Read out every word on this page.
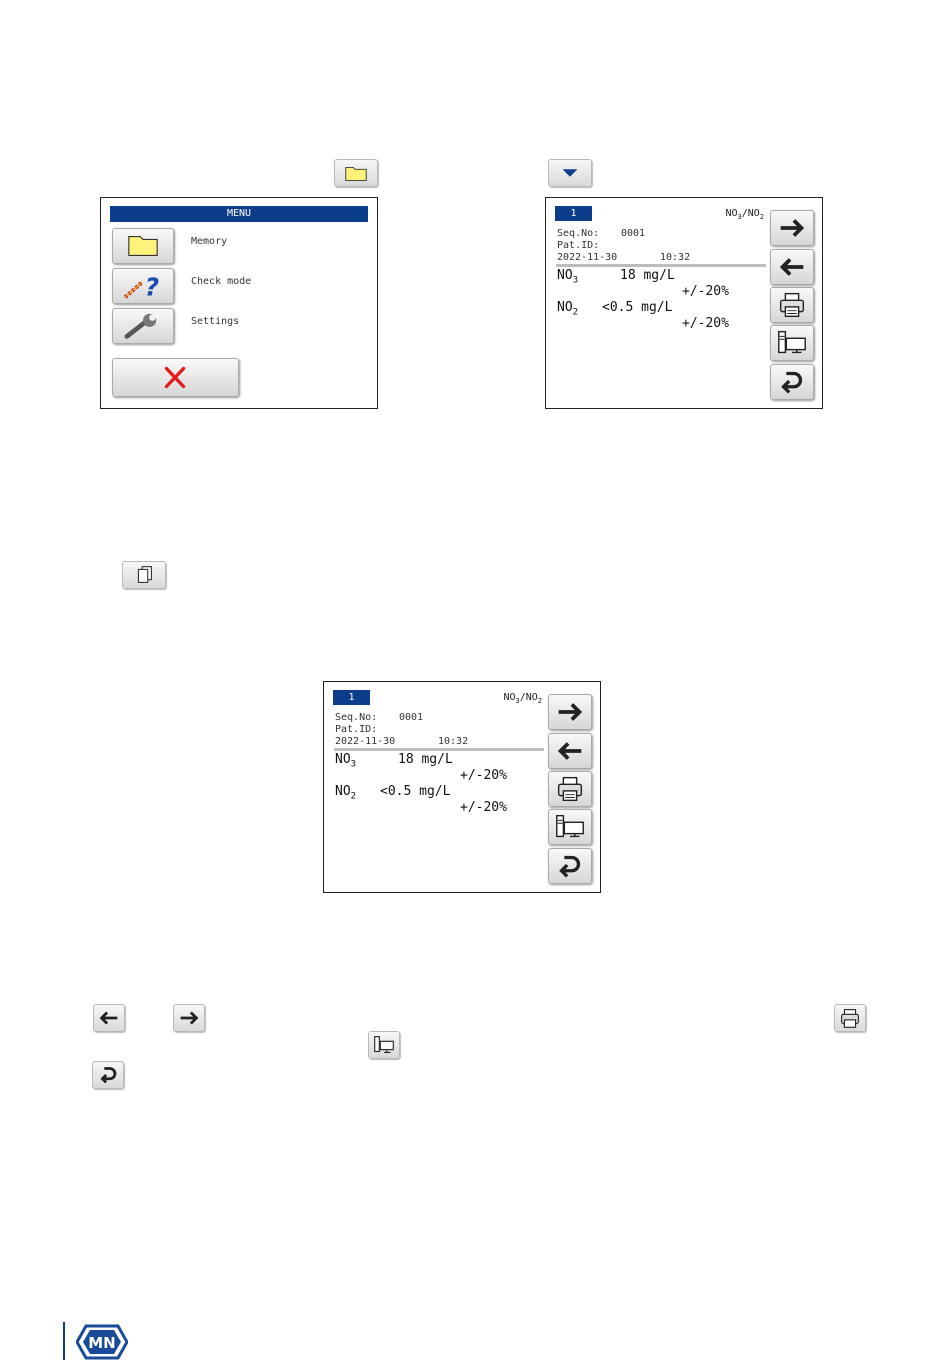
MENU
Memory
?	Check mode
Settings
1	$NO_3/NO_2$
Seq.No: 0001
Pat.ID:
2022-11-30	10:32
$NO_3$	18 mg/L
+/-20%
$NO_2 <0.5$ mg/L
+/-20%
1	$NO_3/NO_2$
Seq.No: 0001
Pat.ID:
2022-11-30	10:32
$NO_3$	18 mg/L
+/-20%
$NO_2 <0.5$ mg/L
+/-20%
MN
